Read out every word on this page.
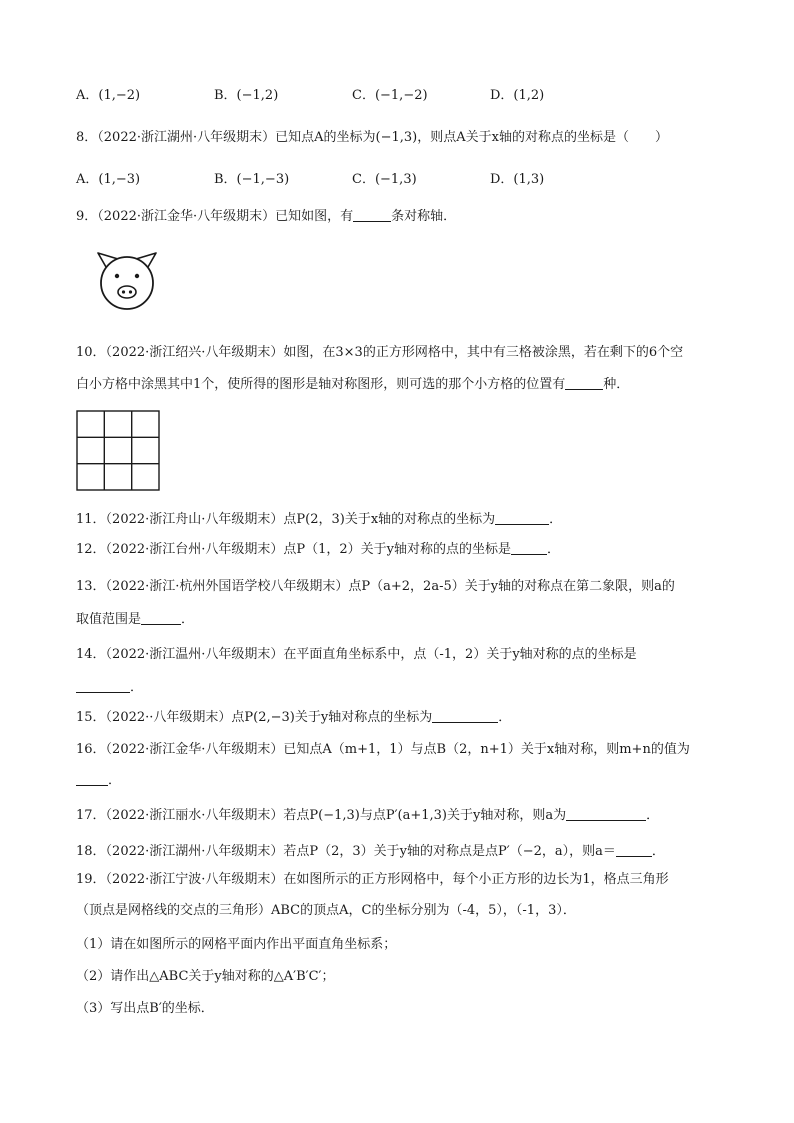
A．(1,−2)	B．(−1,2)	C．(−1,−2)	D．(1,2)
8．（2022·浙江湖州·八年级期末）已知点A的坐标为(−1,3)，则点A关于x轴的对称点的坐标是（　　）
A．(1,−3)	B．(−1,−3)	C．(−1,3)	D．(1,3)
9．（2022·浙江金华·八年级期末）已知如图，有	条对称轴．
10．（2022·浙江绍兴·八年级期末）如图，在3×3的正方形网格中，其中有三格被涂黑，若在剩下的6个空
白小方格中涂黑其中1个，使所得的图形是轴对称图形，则可选的那个小方格的位置有	种．
11．（2022·浙江舟山·八年级期末）点P(2，3)关于x轴的对称点的坐标为	．
12．（2022·浙江台州·八年级期末）点P（1，2）关于y轴对称的点的坐标是	．
13．（2022·浙江·杭州外国语学校八年级期末）点P（a+2，2a-5）关于y轴的对称点在第二象限，则a的
取值范围是	．
14．（2022·浙江温州·八年级期末）在平面直角坐标系中，点（-1，2）关于y轴对称的点的坐标是
．
15．（2022··八年级期末）点P(2,−3)关于y轴对称点的坐标为	．
16．（2022·浙江金华·八年级期末）已知点A（m+1，1）与点B（2，n+1）关于x轴对称，则m+n的值为
．
17．（2022·浙江丽水·八年级期末）若点P(−1,3)与点P′(a+1,3)关于y轴对称，则a为	．
18．（2022·浙江湖州·八年级期末）若点P（2，3）关于y轴的对称点是点P′（−2，a），则a＝	．
19．（2022·浙江宁波·八年级期末）在如图所示的正方形网格中，每个小正方形的边长为1，格点三角形
（顶点是网格线的交点的三角形）ABC的顶点A，C的坐标分别为（-4，5），（-1，3）．
（1）请在如图所示的网格平面内作出平面直角坐标系；
（2）请作出△ABC关于y轴对称的△A′B′C′；
（3）写出点B′的坐标．
